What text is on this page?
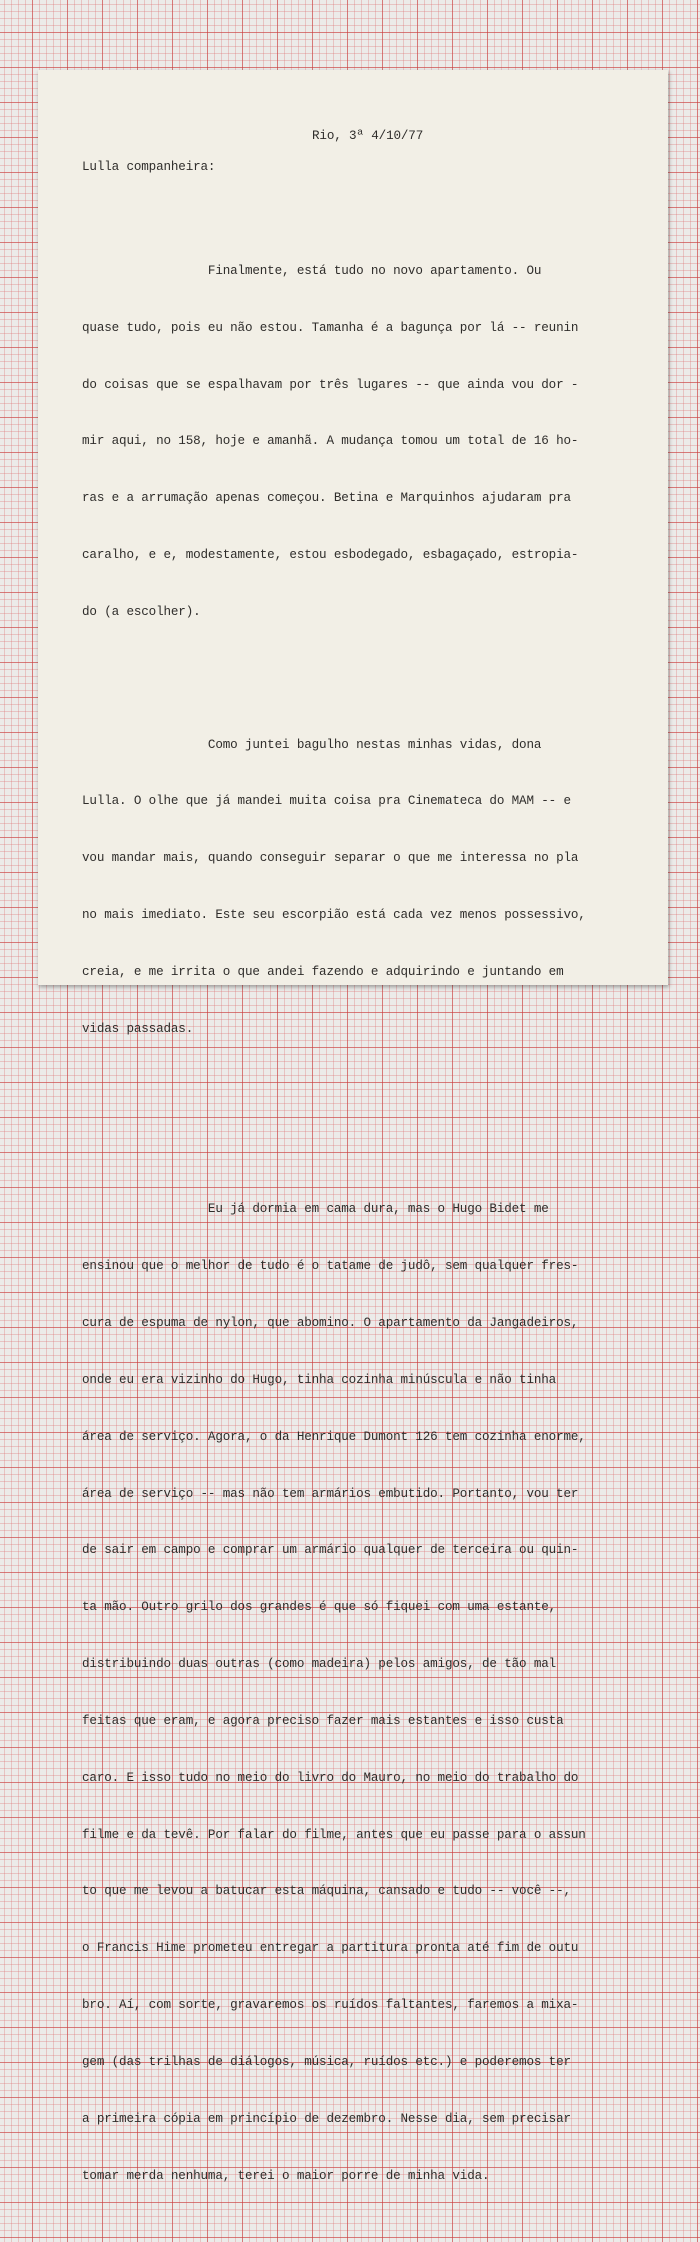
Rio, 3ª 4/10/77
Lulla companheira:

Finalmente, está tudo no novo apartamento. Ou

quase tudo, pois eu não estou. Tamanha é a bagunça por lá -- reunin

do coisas que se espalhavam por três lugares -- que ainda vou dor -

mir aqui, no 158, hoje e amanhã. A mudança tomou um total de 16 ho-

ras e a arrumação apenas começou. Betina e Marquinhos ajudaram pra

caralho, e e, modestamente, estou esbodegado, esbagaçado, estropia-

do (a escolher).

Como juntei bagulho nestas minhas vidas, dona

Lulla. O olhe que já mandei muita coisa pra Cinemateca do MAM -- e

vou mandar mais, quando conseguir separar o que me interessa no pla

no mais imediato. Este seu escorpião está cada vez menos possessivo,

creia, e me irrita o que andei fazendo e adquirindo e juntando em

vidas passadas.

Eu já dormia em cama dura, mas o Hugo Bidet me

ensinou que o melhor de tudo é o tatame de judô, sem qualquer fres-

cura de espuma de nylon, que abomino. O apartamento da Jangadeiros,

onde eu era vizinho do Hugo, tinha cozinha minúscula e não tinha

área de serviço. Agora, o da Henrique Dumont 126 tem cozinha enorme,

área de serviço -- mas não tem armários embutido. Portanto, vou ter

de sair em campo e comprar um armário qualquer de terceira ou quin-

ta mão. Outro grilo dos grandes é que só fiquei com uma estante,

distribuindo duas outras (como madeira) pelos amigos, de tão mal

feitas que eram, e agora preciso fazer mais estantes e isso custa

caro. E isso tudo no meio do livro do Mauro, no meio do trabalho do

filme e da tevê. Por falar do filme, antes que eu passe para o assun

to que me levou a batucar esta máquina, cansado e tudo -- você --,

o Francis Hime prometeu entregar a partitura pronta até fim de outu

bro. Aí, com sorte, gravaremos os ruídos faltantes, faremos a mixa-

gem (das trilhas de diálogos, música, ruídos etc.) e poderemos ter

a primeira cópia em princípio de dezembro. Nesse dia, sem precisar

tomar merda nenhuma, terei o maior porre de minha vida.
